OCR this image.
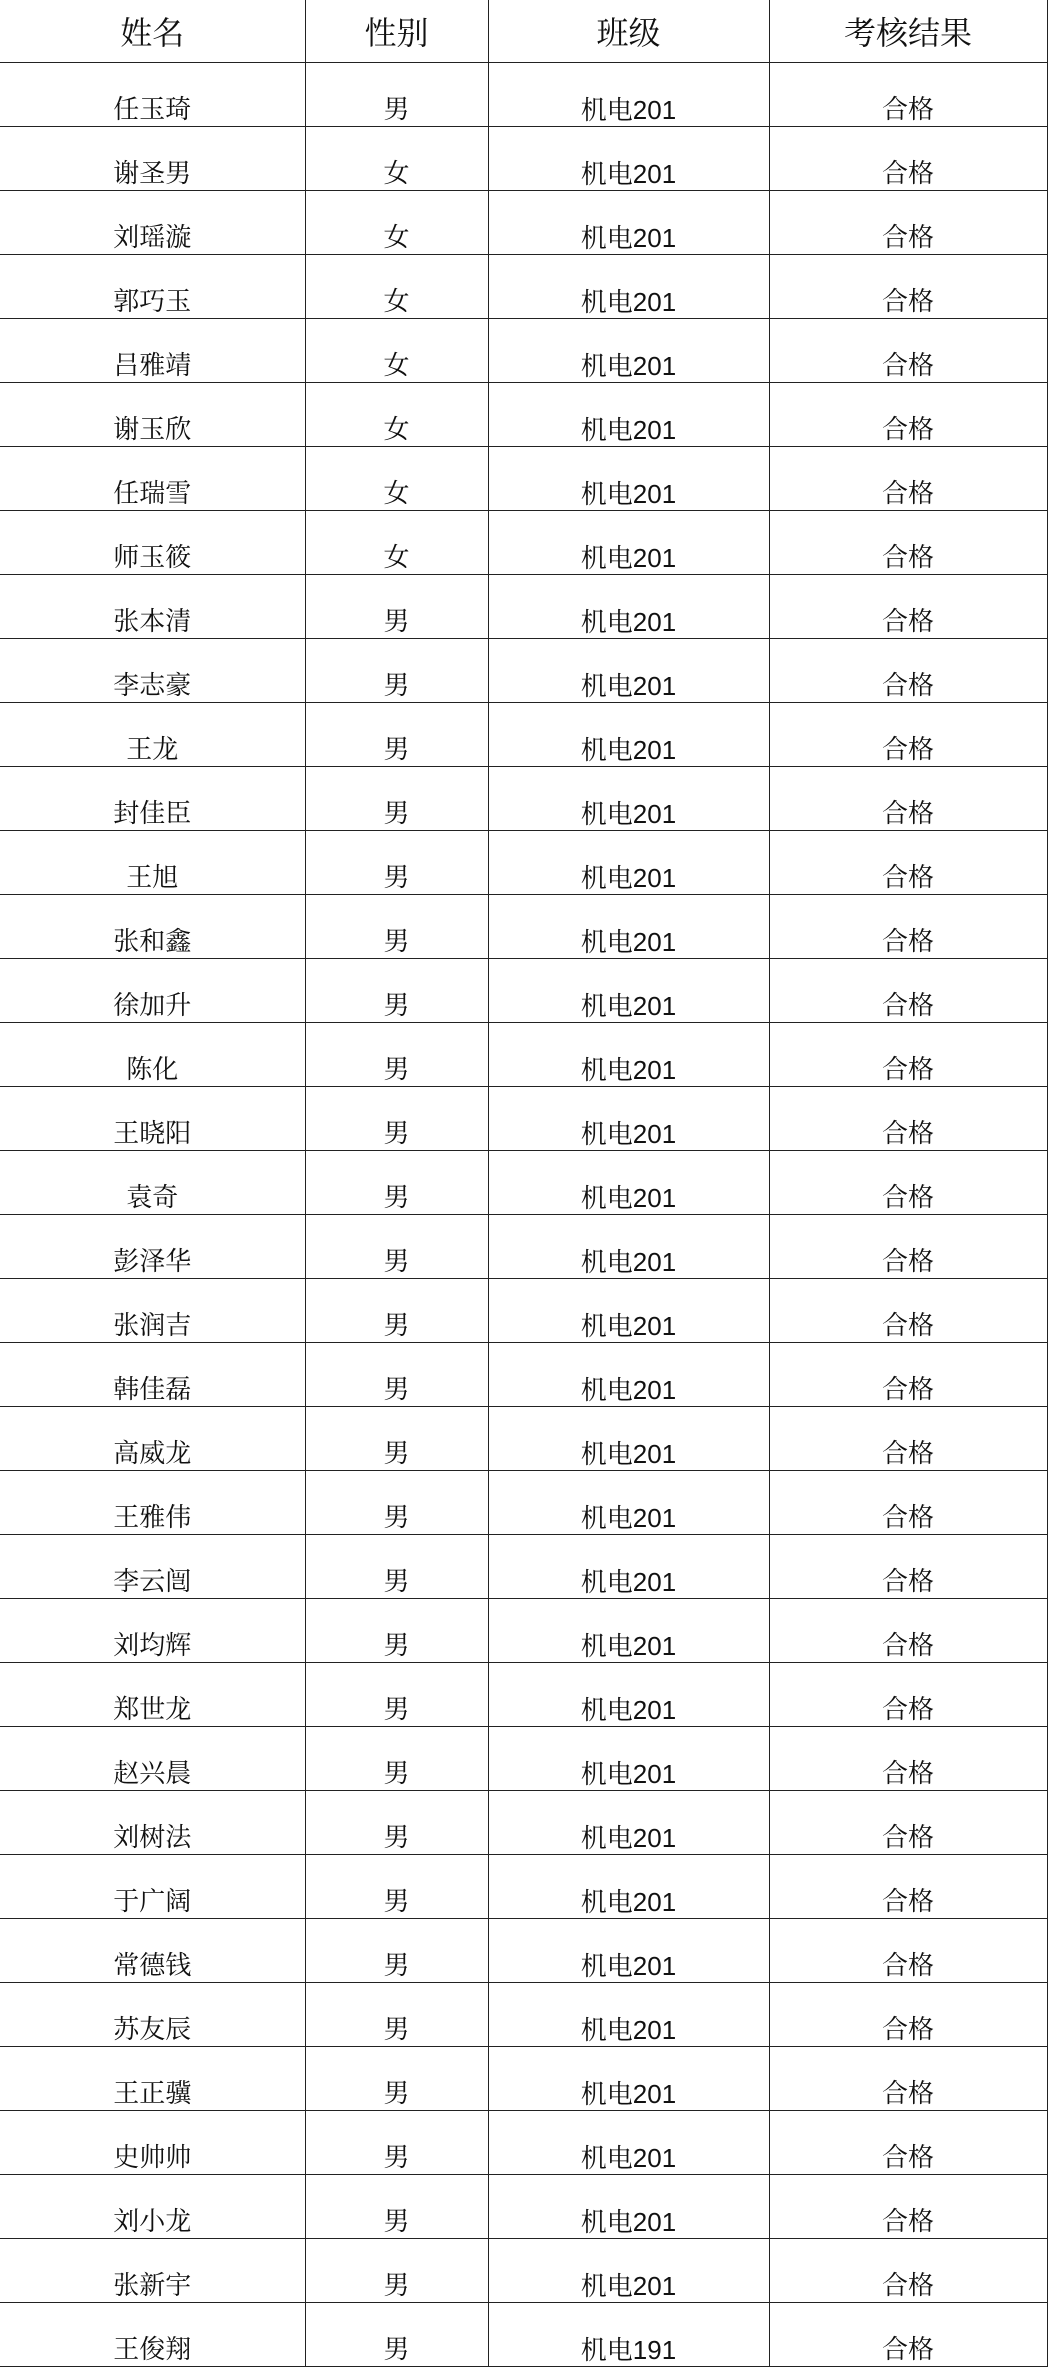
姓名	性别	班级	考核结果
任玉琦	男	机电201	合格
谢圣男	女	机电201	合格
刘瑶漩	女	机电201	合格
郭巧玉	女	机电201	合格
吕雅靖	女	机电201	合格
谢玉欣	女	机电201	合格
任瑞雪	女	机电201	合格
师玉筱	女	机电201	合格
张本清	男	机电201	合格
李志豪	男	机电201	合格
王龙	男	机电201	合格
封佳臣	男	机电201	合格
王旭	男	机电201	合格
张和鑫	男	机电201	合格
徐加升	男	机电201	合格
陈化	男	机电201	合格
王晓阳	男	机电201	合格
袁奇	男	机电201	合格
彭泽华	男	机电201	合格
张润吉	男	机电201	合格
韩佳磊	男	机电201	合格
高威龙	男	机电201	合格
王雅伟	男	机电201	合格
李云闿	男	机电201	合格
刘均辉	男	机电201	合格
郑世龙	男	机电201	合格
赵兴晨	男	机电201	合格
刘树法	男	机电201	合格
于广阔	男	机电201	合格
常德钱	男	机电201	合格
苏友辰	男	机电201	合格
王正骥	男	机电201	合格
史帅帅	男	机电201	合格
刘小龙	男	机电201	合格
张新宇	男	机电201	合格
王俊翔	男	机电191	合格
